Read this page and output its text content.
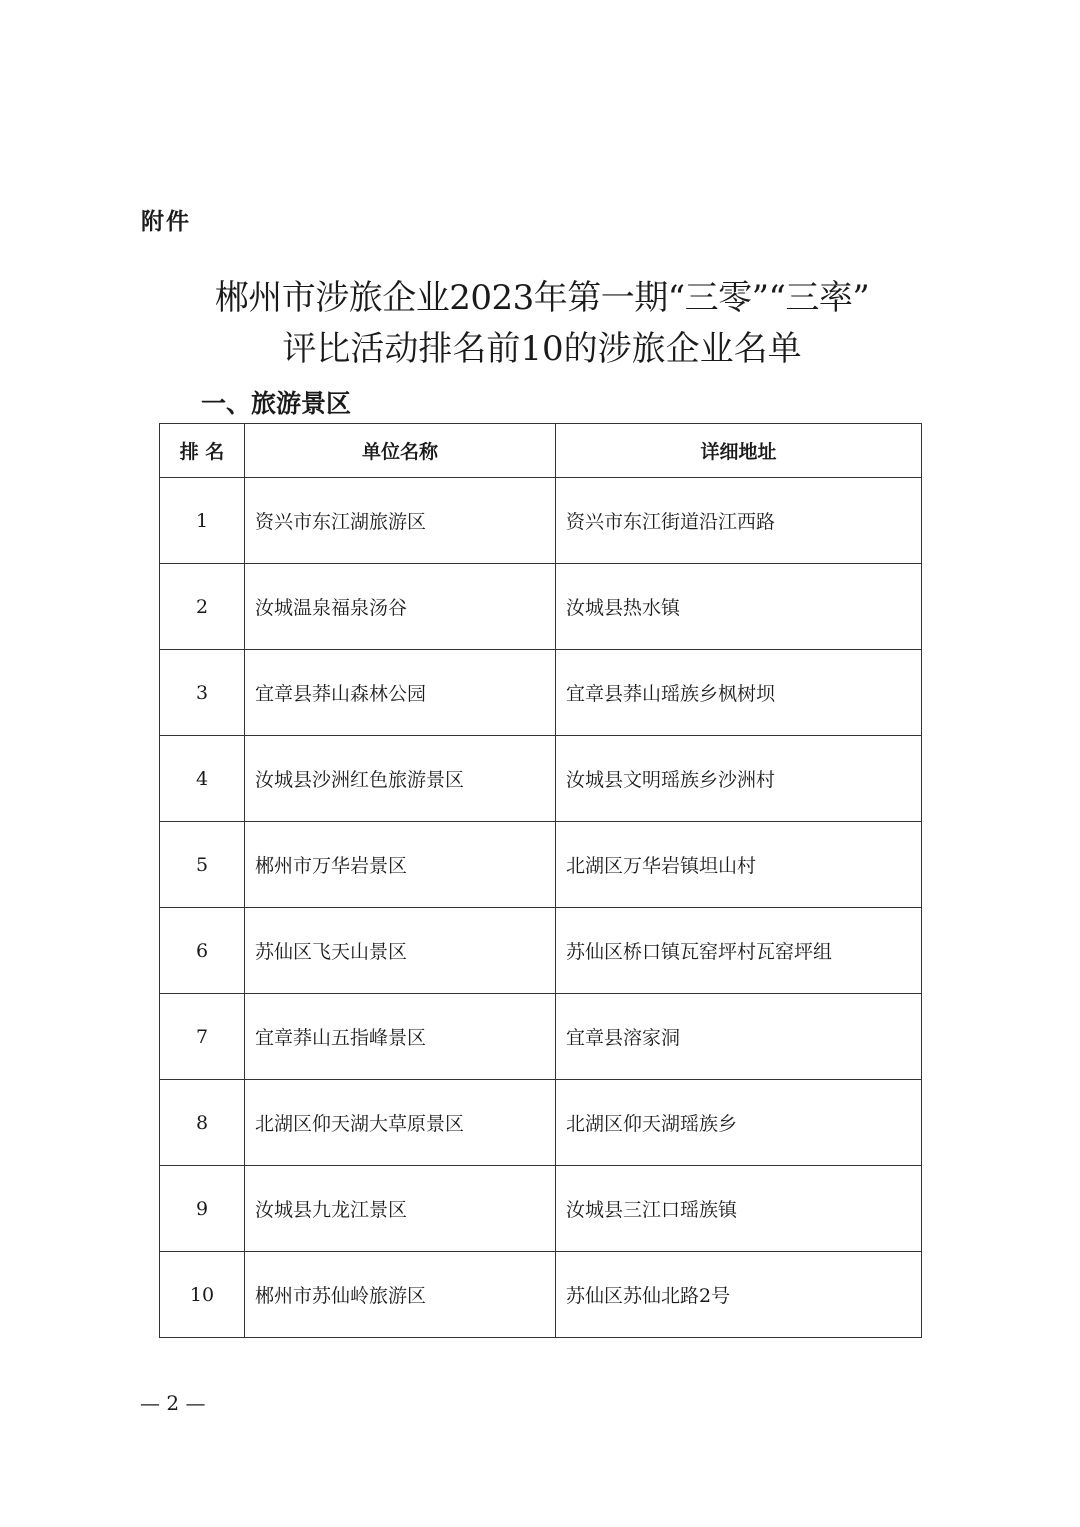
附件
郴州市涉旅企业2023年第一期“三零”“三率”
评比活动排名前10的涉旅企业名单
一、旅游景区
排 名	单位名称	详细地址
1	资兴市东江湖旅游区	资兴市东江街道沿江西路
2	汝城温泉福泉汤谷	汝城县热水镇
3	宜章县莽山森林公园	宜章县莽山瑶族乡枫树坝
4	汝城县沙洲红色旅游景区	汝城县文明瑶族乡沙洲村
5	郴州市万华岩景区	北湖区万华岩镇坦山村
6	苏仙区飞天山景区	苏仙区桥口镇瓦窑坪村瓦窑坪组
7	宜章莽山五指峰景区	宜章县溶家洞
8	北湖区仰天湖大草原景区	北湖区仰天湖瑶族乡
9	汝城县九龙江景区	汝城县三江口瑶族镇
10	郴州市苏仙岭旅游区	苏仙区苏仙北路2号
— 2 —
